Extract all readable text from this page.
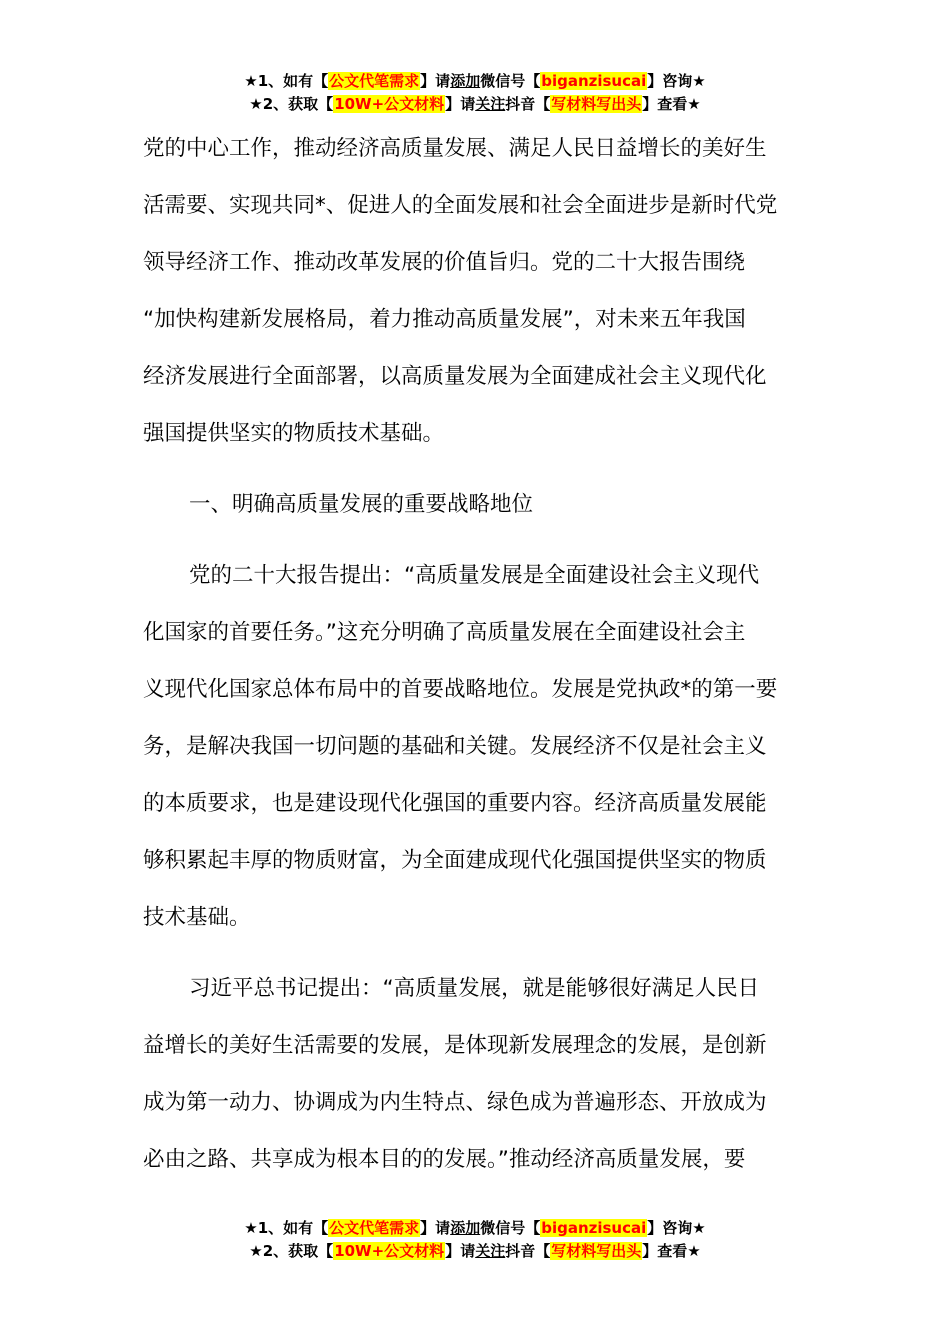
★1、如有【公文代笔需求】请添加微信号【biganzisucai】咨询★
★2、获取【10W+公文材料】请关注抖音【写材料写出头】查看★
党的中心工作，推动经济高质量发展、满足人民日益增长的美好生
活需要、实现共同*、促进人的全面发展和社会全面进步是新时代党
领导经济工作、推动改革发展的价值旨归。党的二十大报告围绕
“加快构建新发展格局，着力推动高质量发展”，对未来五年我国
经济发展进行全面部署，以高质量发展为全面建成社会主义现代化
强国提供坚实的物质技术基础。
一、明确高质量发展的重要战略地位
党的二十大报告提出：“高质量发展是全面建设社会主义现代
化国家的首要任务。”这充分明确了高质量发展在全面建设社会主
义现代化国家总体布局中的首要战略地位。发展是党执政*的第一要
务，是解决我国一切问题的基础和关键。发展经济不仅是社会主义
的本质要求，也是建设现代化强国的重要内容。经济高质量发展能
够积累起丰厚的物质财富，为全面建成现代化强国提供坚实的物质
技术基础。
习近平总书记提出：“高质量发展，就是能够很好满足人民日
益增长的美好生活需要的发展，是体现新发展理念的发展，是创新
成为第一动力、协调成为内生特点、绿色成为普遍形态、开放成为
必由之路、共享成为根本目的的发展。”推动经济高质量发展，要
★1、如有【公文代笔需求】请添加微信号【biganzisucai】咨询★
★2、获取【10W+公文材料】请关注抖音【写材料写出头】查看★
